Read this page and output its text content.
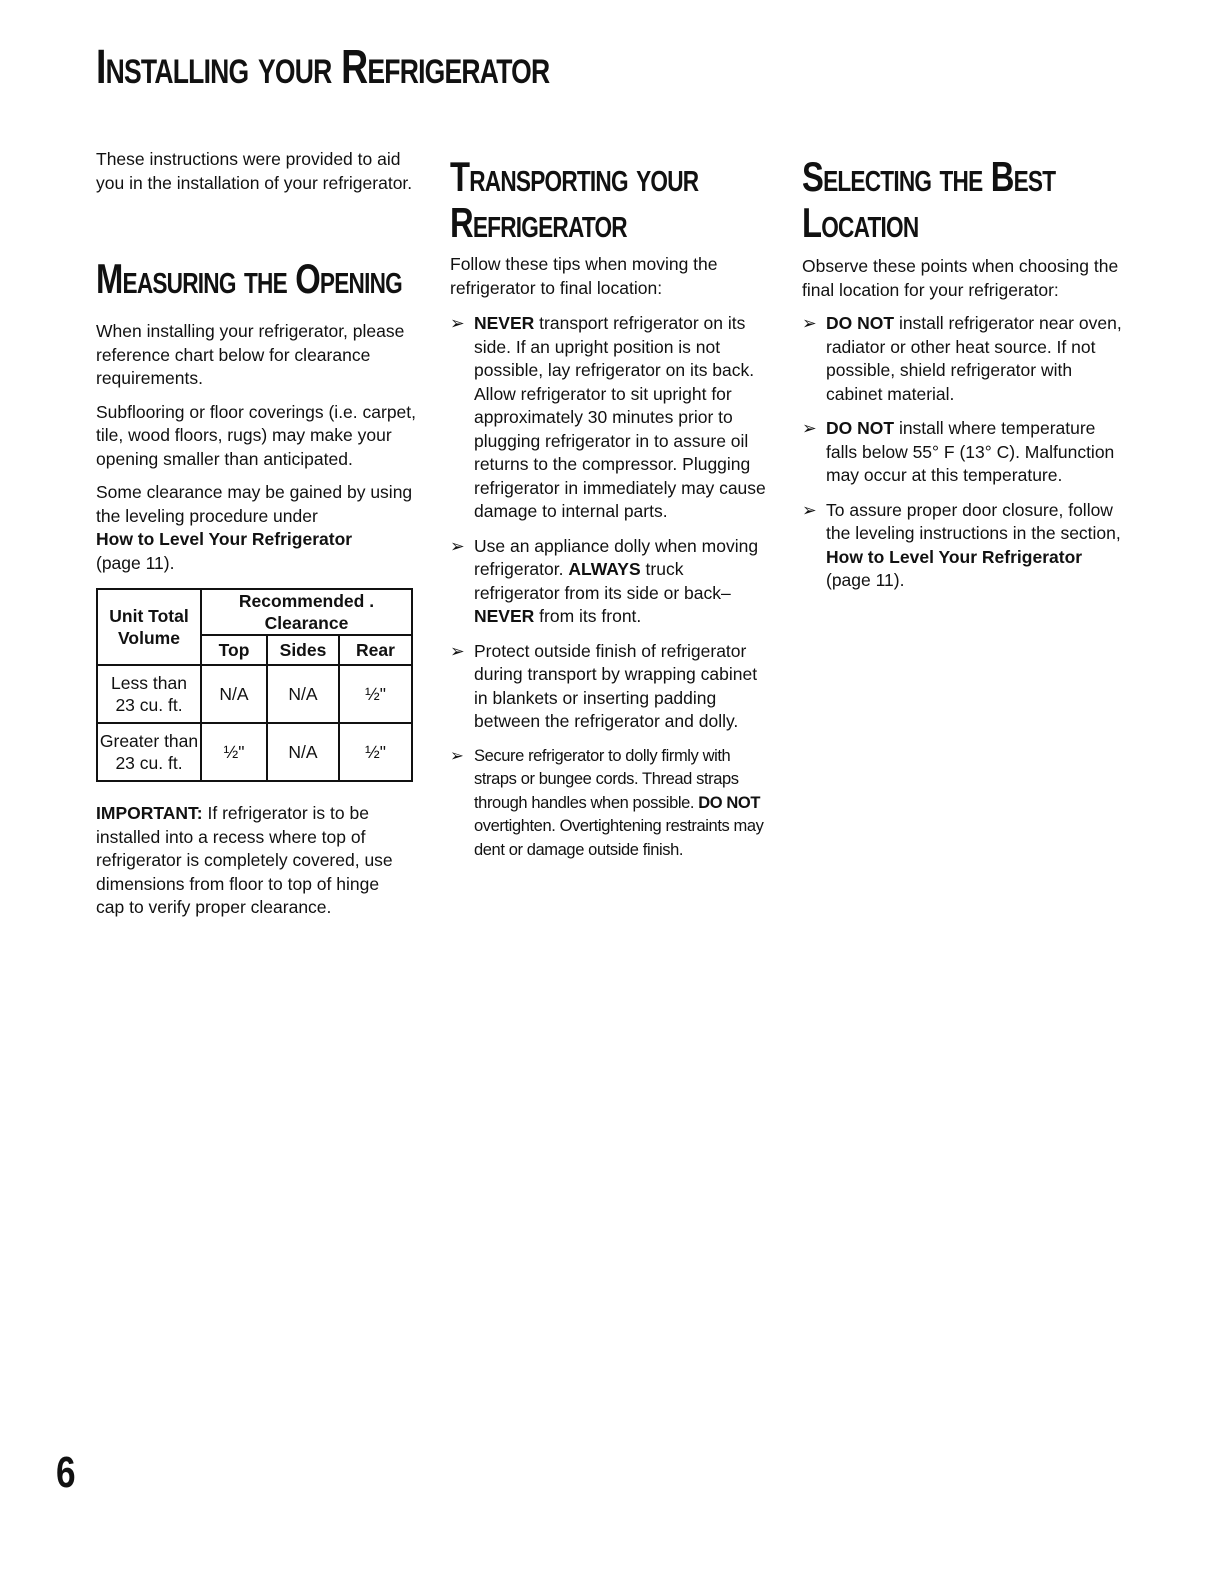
Installing your Refrigerator

These instructions were provided to aid you in the installation of your refrigerator.

Measuring the Opening

When installing your refrigerator, please reference chart below for clearance requirements.

Subflooring or floor coverings (i.e. carpet, tile, wood floors, rugs) may make your opening smaller than anticipated.

Some clearance may be gained by using the leveling procedure under
How to Level Your Refrigerator
(page 11).

Unit Total Volume	Recommended . Clearance		
	Top	Sides	Rear
Less than 23 cu. ft.	N/A	N/A	½"
Greater than 23 cu. ft.	½"	N/A	½"

IMPORTANT: If refrigerator is to be installed into a recess where top of refrigerator is completely covered, use dimensions from floor to top of hinge cap to verify proper clearance.

Transporting your
Refrigerator

Follow these tips when moving the refrigerator to final location:

➢ NEVER transport refrigerator on its side. If an upright position is not possible, lay refrigerator on its back. Allow refrigerator to sit upright for approximately 30 minutes prior to plugging refrigerator in to assure oil returns to the compressor. Plugging refrigerator in immediately may cause damage to internal parts.
➢ Use an appliance dolly when moving refrigerator. ALWAYS truck refrigerator from its side or back– NEVER from its front.
➢ Protect outside finish of refrigerator during transport by wrapping cabinet in blankets or inserting padding between the refrigerator and dolly.
➢ Secure refrigerator to dolly firmly with straps or bungee cords. Thread straps through handles when possible. DO NOT overtighten. Overtightening restraints may dent or damage outside finish.
Selecting the Best
Location

Observe these points when choosing the final location for your refrigerator:

➢ DO NOT install refrigerator near oven, radiator or other heat source. If not possible, shield refrigerator with cabinet material.
➢ DO NOT install where temperature falls below 55° F (13° C). Malfunction may occur at this temperature.
➢ To assure proper door closure, follow the leveling instructions in the section, How to Level Your Refrigerator (page 11).
6
